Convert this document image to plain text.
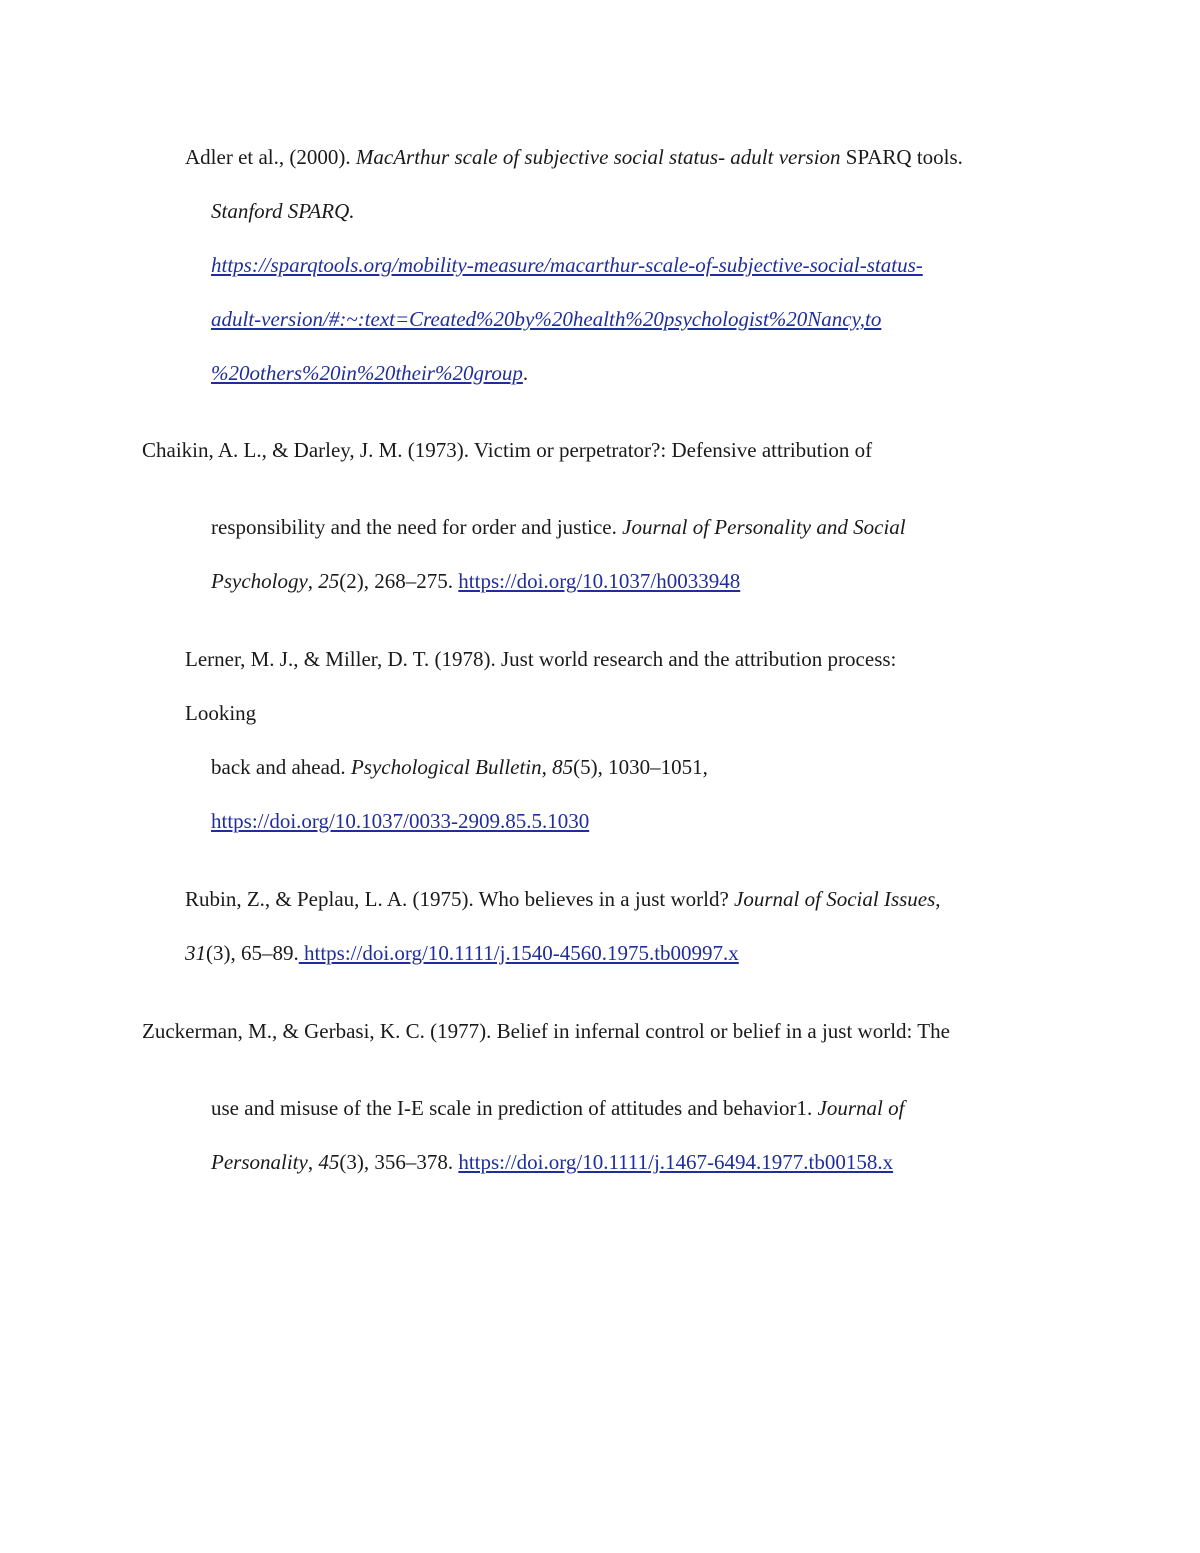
Adler et al., (2000). MacArthur scale of subjective social status- adult version SPARQ tools.
Stanford SPARQ.
https://sparqtools.org/mobility-measure/macarthur-scale-of-subjective-social-status-
adult-version/#:~:text=Created%20by%20health%20psychologist%20Nancy,to
%20others%20in%20their%20group.
Chaikin, A. L., & Darley, J. M. (1973). Victim or perpetrator?: Defensive attribution of
responsibility and the need for order and justice. Journal of Personality and Social
Psychology, 25(2), 268–275. https://doi.org/10.1037/h0033948
Lerner, M. J., & Miller, D. T. (1978). Just world research and the attribution process:
Looking
back and ahead. Psychological Bulletin, 85(5), 1030–1051,
https://doi.org/10.1037/0033-2909.85.5.1030
Rubin, Z., & Peplau, L. A. (1975). Who believes in a just world? Journal of Social Issues,
31(3), 65–89. https://doi.org/10.1111/j.1540-4560.1975.tb00997.x
Zuckerman, M., & Gerbasi, K. C. (1977). Belief in infernal control or belief in a just world: The
use and misuse of the I-E scale in prediction of attitudes and behavior1. Journal of
Personality, 45(3), 356–378. https://doi.org/10.1111/j.1467-6494.1977.tb00158.x
